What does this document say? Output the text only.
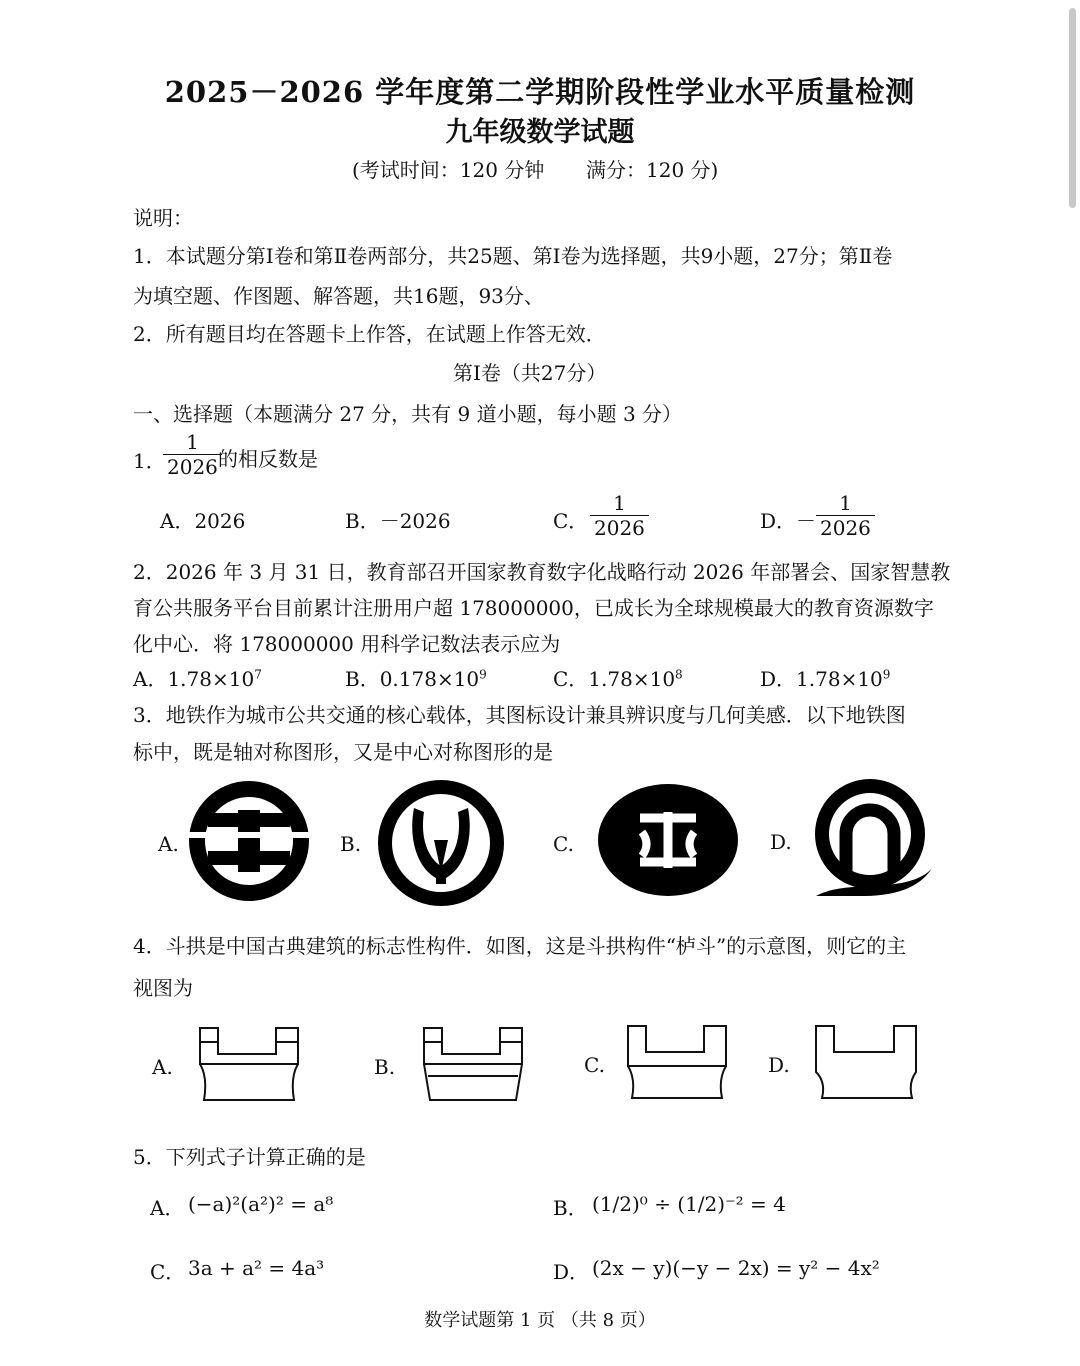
2025－2026 学年度第二学期阶段性学业水平质量检测
九年级数学试题
(考试时间：120 分钟 满分：120 分)
说明：
1．本试题分第Ⅰ卷和第Ⅱ卷两部分，共25题、第Ⅰ卷为选择题，共9小题，27分；第Ⅱ卷
为填空题、作图题、解答题，共16题，93分、
2．所有题目均在答题卡上作答，在试题上作答无效．
第Ⅰ卷（共27分）
一、选择题（本题满分 27 分，共有 9 道小题，每小题 3 分）
1．
$\frac{1}{2026}$
的相反数是
A．2026	B．－2026	C． $\frac{1}{2026}$	D．－ $\frac{1}{2026}$
2．2026 年 3 月 31 日，教育部召开国家教育数字化战略行动 2026 年部署会、国家智慧教
育公共服务平台目前累计注册用户超 178000000，已成长为全球规模最大的教育资源数字
化中心．将 178000000 用科学记数法表示应为
A．$1.78\times 10^7$	B．$0.178\times 10^9$	C．$1.78\times 10^8$	D．$1.78\times 10^9$
3．地铁作为城市公共交通的核心载体，其图标设计兼具辨识度与几何美感．以下地铁图
标中，既是轴对称图形，又是中心对称图形的是
A.	B.	C.	D.
4．斗拱是中国古典建筑的标志性构件．如图，这是斗拱构件“栌斗”的示意图，则它的主
视图为
A.	B.	C.	D.
5．下列式子计算正确的是
A． (−a)²(a²)² = a⁸	B． (1/2)⁰ ÷ (1/2)⁻² = 4
C． 3a + a² = 4a³	D． (2x − y)(−y − 2x) = y² − 4x²
数学试题第 1 页 （共 8 页）
